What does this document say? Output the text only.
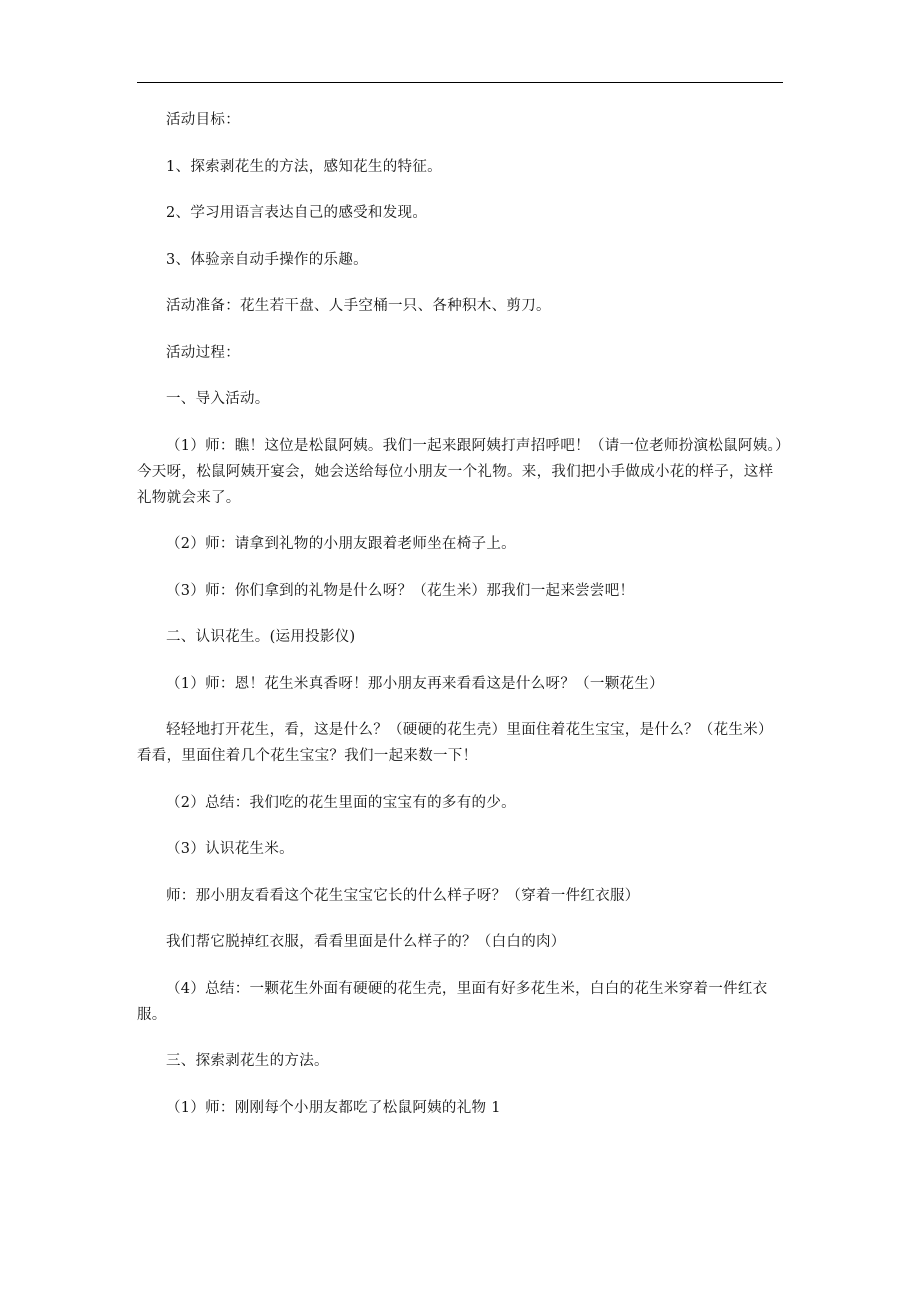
活动目标：

1、探索剥花生的方法，感知花生的特征。

2、学习用语言表达自己的感受和发现。

3、体验亲自动手操作的乐趣。

活动准备：花生若干盘、人手空桶一只、各种积木、剪刀。

活动过程：

一、导入活动。

（1）师：瞧！这位是松鼠阿姨。我们一起来跟阿姨打声招呼吧！（请一位老师扮演松鼠阿姨。）今天呀，松鼠阿姨开宴会，她会送给每位小朋友一个礼物。来，我们把小手做成小花的样子，这样礼物就会来了。

（2）师：请拿到礼物的小朋友跟着老师坐在椅子上。

（3）师：你们拿到的礼物是什么呀？（花生米）那我们一起来尝尝吧！

二、认识花生。(运用投影仪)

（1）师：恩！花生米真香呀！那小朋友再来看看这是什么呀？（一颗花生）

轻轻地打开花生，看，这是什么？（硬硬的花生壳）里面住着花生宝宝，是什么？（花生米）看看，里面住着几个花生宝宝？我们一起来数一下！

（2）总结：我们吃的花生里面的宝宝有的多有的少。

（3）认识花生米。

师：那小朋友看看这个花生宝宝它长的什么样子呀？（穿着一件红衣服）

我们帮它脱掉红衣服，看看里面是什么样子的？（白白的肉）

（4）总结：一颗花生外面有硬硬的花生壳，里面有好多花生米，白白的花生米穿着一件红衣服。

三、探索剥花生的方法。

（1）师：刚刚每个小朋友都吃了松鼠阿姨的礼物 1
